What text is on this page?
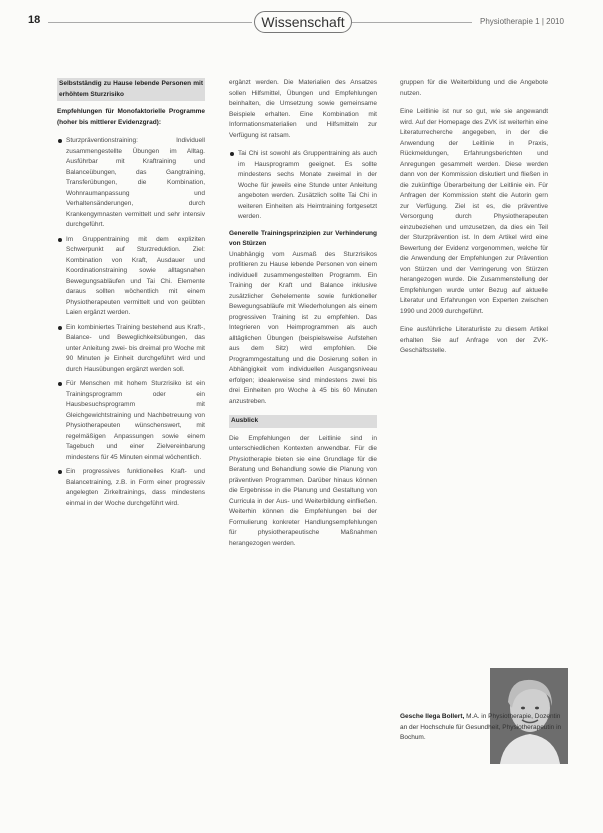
18	Wissenschaft	Physiotherapie 1 | 2010
Selbstständig zu Hause lebende Personen mit erhöhtem Sturzrisiko

Empfehlungen für Monofaktorielle Programme (hoher bis mittlerer Evidenzgrad):

Sturzpräventionstraining: Individuell zusammengestellte Übungen im Alltag. Ausführbar mit Kraftraining und Balanceübungen, das Gangtraining, Transferübungen, die Kombination, Wohnraumanpassung und Verhaltensänderungen, durch Krankengymnasten vermittelt und sehr intensiv durchgeführt.
Im Gruppentraining mit dem expliziten Schwerpunkt auf Sturzreduktion. Ziel: Kombination von Kraft, Ausdauer und Koordinationstraining sowie alltagsnahen Bewegungsabläufen und Tai Chi. Elemente daraus sollten wöchentlich mit einem Physiotherapeuten vermittelt und von geübten Laien ergänzt werden.
Ein kombiniertes Training bestehend aus Kraft-, Balance- und Beweglichkeitsübungen, das unter Anleitung zwei- bis dreimal pro Woche mit 90 Minuten je Einheit durchgeführt wird und durch Hausübungen ergänzt werden soll.
Für Menschen mit hohem Sturzrisiko ist ein Trainingsprogramm oder ein Hausbesuchsprogramm mit Gleichgewichtstraining und Nachbetreuung von Physiotherapeuten wünschenswert, mit regelmäßigen Anpassungen sowie einem Tagebuch und einer Zielvereinbarung mindestens für 45 Minuten einmal wöchentlich.
Ein progressives funktionelles Kraft- und Balancetraining, z.B. in Form einer progressiv angelegten Zirkeltrainings, dass mindestens einmal in der Woche durchgeführt wird.

ergänzt werden. Die Materialien des Ansatzes sollen Hilfsmittel, Übungen und Empfehlungen beinhalten, die Umsetzung sowie gemeinsame Beispiele erhalten. Eine Kombination mit Informationsmaterialien und Hilfsmitteln zur Verfügung ist ratsam.

Tai Chi ist sowohl als Gruppentraining als auch im Hausprogramm geeignet. Es sollte mindestens sechs Monate zweimal in der Woche für jeweils eine Stunde unter Anleitung angeboten werden. Zusätzlich sollte Tai Chi in weiteren Einheiten als Heimtraining fortgesetzt werden.

Generelle Trainingsprinzipien zur Verhinderung von Stürzen

Unabhängig vom Ausmaß des Sturzrisikos profitieren zu Hause lebende Personen von einem individuell zusammengestellten Programm. Ein Training der Kraft und Balance inklusive zusätzlicher Gehelemente sowie funktioneller Bewegungsabläufe mit Wiederholungen als einem progressiven Training ist zu empfehlen. Das Integrieren von Heimprogrammen als auch alltäglichen Übungen (beispielsweise Aufstehen aus dem Sitz) wird empfohlen. Die Programmgestaltung und die Dosierung sollen in Abhängigkeit vom individuellen Ausgangsniveau erfolgen; idealerweise sind mindestens zwei bis drei Einheiten pro Woche à 45 bis 60 Minuten anzustreben.

Ausblick

Die Empfehlungen der Leitlinie sind in unterschiedlichen Kontexten anwendbar. Für die Physiotherapie bieten sie eine Grundlage für die Beratung und Behandlung sowie die Planung von präventiven Programmen. Darüber hinaus können die Ergebnisse in die Planung und Gestaltung von Curricula in der Aus- und Weiterbildung einfließen. Weiterhin können die Empfehlungen bei der Formulierung konkreter Handlungsempfehlungen für physiotherapeutische Maßnahmen herangezogen werden.

gruppen für die Weiterbildung und die Angebote nutzen.

Eine Leitlinie ist nur so gut, wie sie angewandt wird. Auf der Homepage des ZVK ist weiterhin eine Literaturrecherche angegeben, in der die Anwendung der Leitlinie in Praxis, Rückmeldungen, Erfahrungsberichten und Anregungen gesammelt werden. Diese werden dann von der Kommission diskutiert und fließen in die zukünftige Überarbeitung der Leitlinie ein. Für Anfragen der Kommission steht die Autorin gern zur Verfügung. Ziel ist es, die präventive Versorgung durch Physiotherapeuten einzubeziehen und umzusetzen, da dies ein Teil der Sturzprävention ist. In dem Artikel wird eine Bewertung der Evidenz vorgenommen, welche für die Anwendung der Empfehlungen zur Prävention von Stürzen und der Verringerung von Stürzen herangezogen wurde. Die Zusammenstellung der Empfehlungen wurde unter Bezug auf aktuelle Literatur und Erfahrungen von Experten zwischen 1990 und 2009 durchgeführt.

Eine ausführliche Literaturliste zu diesem Artikel erhalten Sie auf Anfrage von der ZVK-Geschäftsstelle.

Gesche Ilega Bollert, M.A. in Physiotherapie, Dozentin an der Hochschule für Gesundheit, Physiotherapeutin in Bochum.
